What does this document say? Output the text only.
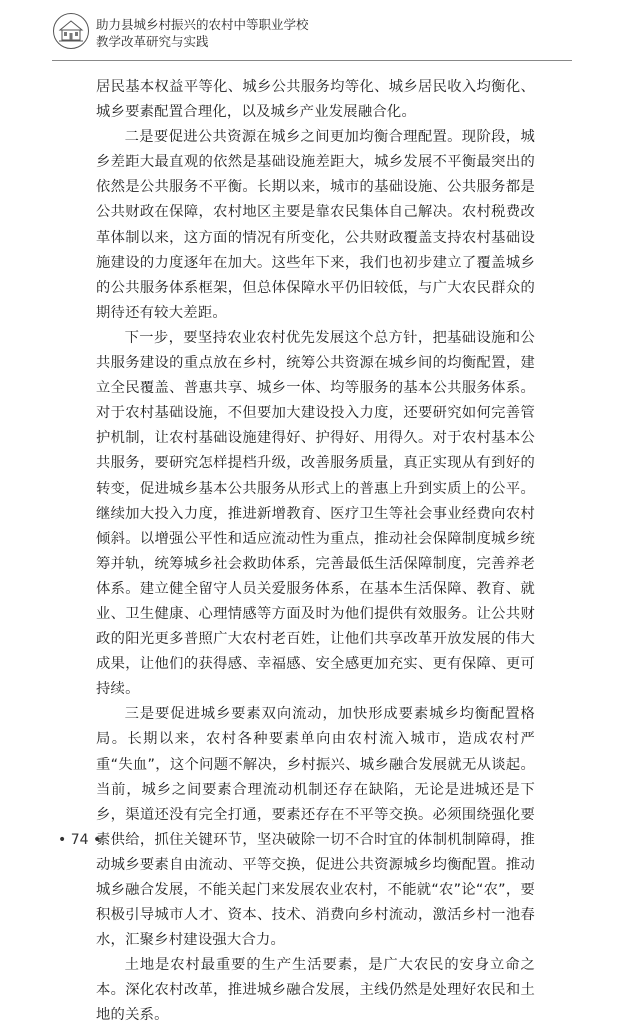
助力县城乡村振兴的农村中等职业学校
教学改革研究与实践

居民基本权益平等化、城乡公共服务均等化、城乡居民收入均衡化、城乡要素配置合理化，以及城乡产业发展融合化。

二是要促进公共资源在城乡之间更加均衡合理配置。现阶段，城乡差距大最直观的依然是基础设施差距大，城乡发展不平衡最突出的依然是公共服务不平衡。长期以来，城市的基础设施、公共服务都是公共财政在保障，农村地区主要是靠农民集体自己解决。农村税费改革体制以来，这方面的情况有所变化，公共财政覆盖支持农村基础设施建设的力度逐年在加大。这些年下来，我们也初步建立了覆盖城乡的公共服务体系框架，但总体保障水平仍旧较低，与广大农民群众的期待还有较大差距。

下一步，要坚持农业农村优先发展这个总方针，把基础设施和公共服务建设的重点放在乡村，统筹公共资源在城乡间的均衡配置，建立全民覆盖、普惠共享、城乡一体、均等服务的基本公共服务体系。对于农村基础设施，不但要加大建设投入力度，还要研究如何完善管护机制，让农村基础设施建得好、护得好、用得久。对于农村基本公共服务，要研究怎样提档升级，改善服务质量，真正实现从有到好的转变，促进城乡基本公共服务从形式上的普惠上升到实质上的公平。继续加大投入力度，推进新增教育、医疗卫生等社会事业经费向农村倾斜。以增强公平性和适应流动性为重点，推动社会保障制度城乡统筹并轨，统筹城乡社会救助体系，完善最低生活保障制度，完善养老体系。建立健全留守人员关爱服务体系，在基本生活保障、教育、就业、卫生健康、心理情感等方面及时为他们提供有效服务。让公共财政的阳光更多普照广大农村老百姓，让他们共享改革开放发展的伟大成果，让他们的获得感、幸福感、安全感更加充实、更有保障、更可持续。

三是要促进城乡要素双向流动，加快形成要素城乡均衡配置格局。长期以来，农村各种要素单向由农村流入城市，造成农村严重“失血”，这个问题不解决，乡村振兴、城乡融合发展就无从谈起。当前，城乡之间要素合理流动机制还存在缺陷，无论是进城还是下乡，渠道还没有完全打通，要素还存在不平等交换。必须围绕强化要素供给，抓住关键环节，坚决破除一切不合时宜的体制机制障碍，推动城乡要素自由流动、平等交换，促进公共资源城乡均衡配置。推动城乡融合发展，不能关起门来发展农业农村，不能就“农”论“农”，要积极引导城市人才、资本、技术、消费向乡村流动，激活乡村一池春水，汇聚乡村建设强大合力。

土地是农村最重要的生产生活要素，是广大农民的安身立命之本。深化农村改革，推进城乡融合发展，主线仍然是处理好农民和土地的关系。

• 74 •
